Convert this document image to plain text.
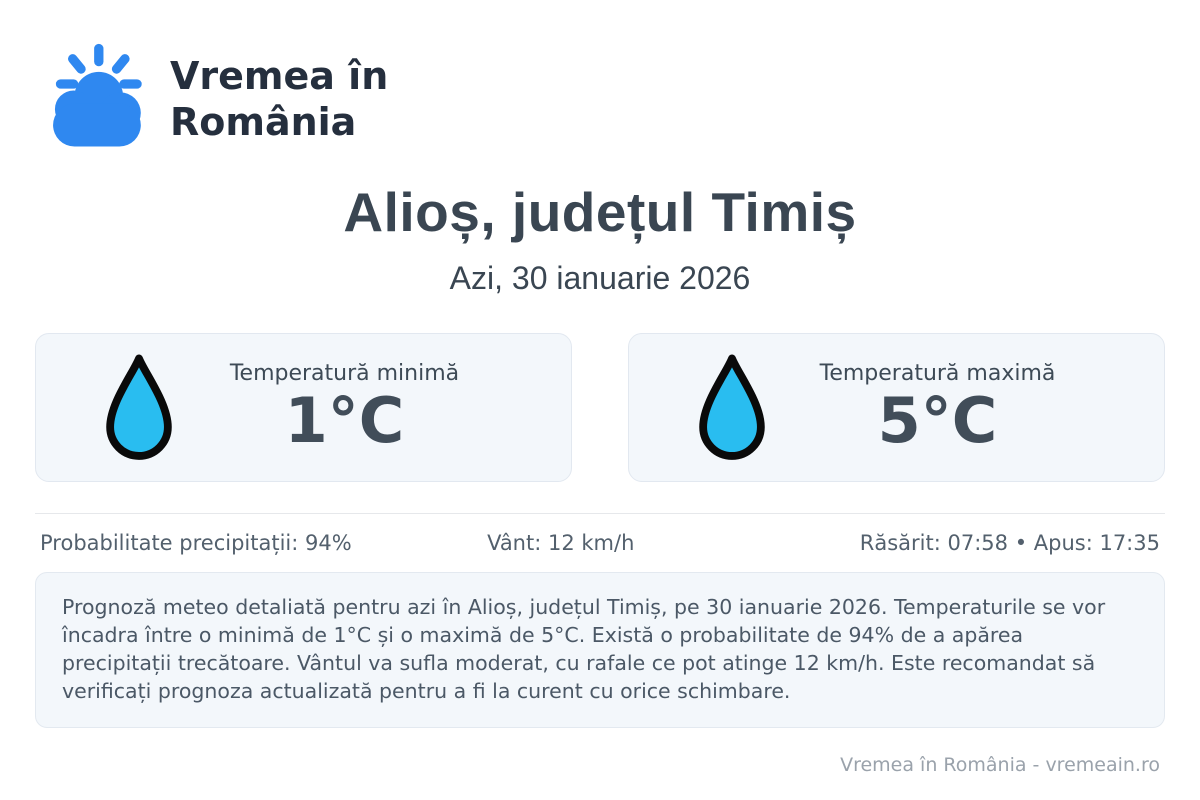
Vremea în
România
Alioș, județul Timiș
Azi, 30 ianuarie 2026
Temperatură minimă
1°C
Temperatură maximă
5°C
Probabilitate precipitații: 94%	Vânt: 12 km/h	Răsărit: 07:58 • Apus: 17:35
Prognoză meteo detaliată pentru azi în Alioș, județul Timiș, pe 30 ianuarie 2026. Temperaturile se vor încadra între o minimă de 1°C și o maximă de 5°C. Există o probabilitate de 94% de a apărea precipitații trecătoare. Vântul va sufla moderat, cu rafale ce pot atinge 12 km/h. Este recomandat să verificați prognoza actualizată pentru a fi la curent cu orice schimbare.
Vremea în România - vremeain.ro
